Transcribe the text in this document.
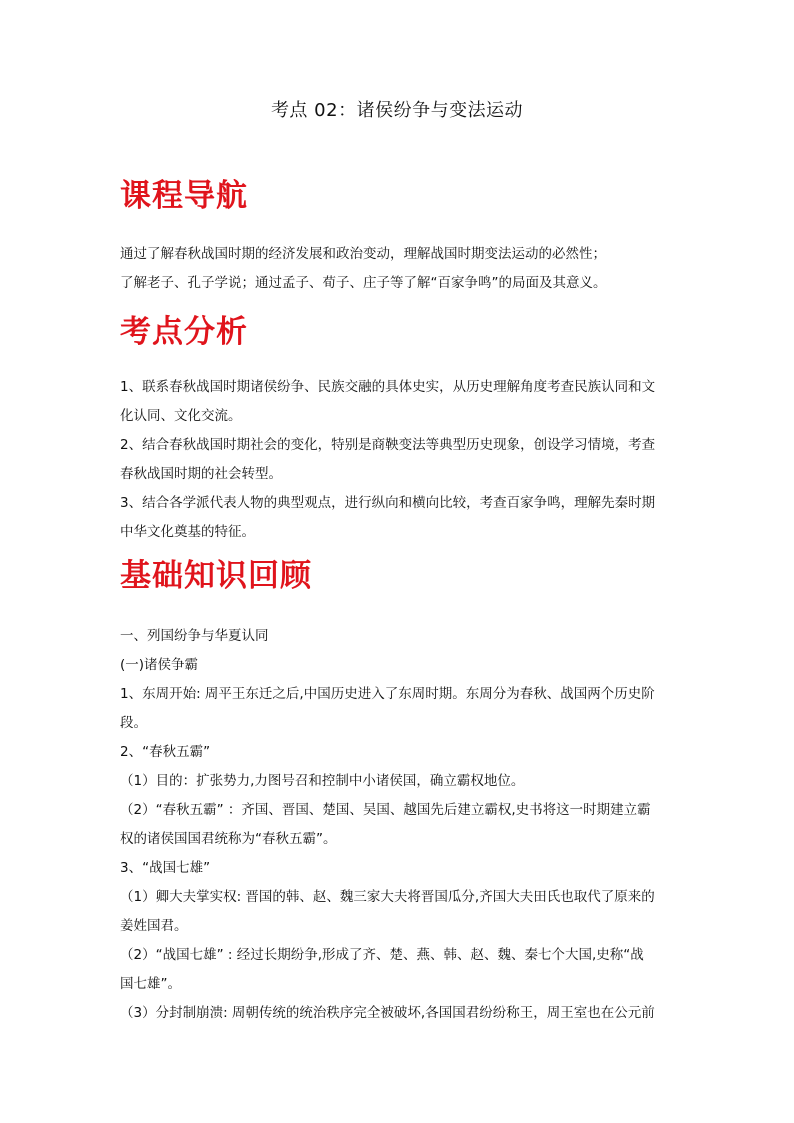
考点 02：诸侯纷争与变法运动
课程导航

通过了解春秋战国时期的经济发展和政治变动，理解战国时期变法运动的必然性；

了解老子、孔子学说；通过孟子、荀子、庄子等了解“百家争鸣”的局面及其意义。

考点分析

1、联系春秋战国时期诸侯纷争、民族交融的具体史实，从历史理解角度考查民族认同和文

化认同、文化交流。

2、结合春秋战国时期社会的变化，特别是商鞅变法等典型历史现象，创设学习情境，考查

春秋战国时期的社会转型。

3、结合各学派代表人物的典型观点，进行纵向和横向比较，考查百家争鸣，理解先秦时期

中华文化奠基的特征。

基础知识回顾

一、列国纷争与华夏认同

(一)诸侯争霸

1、东周开始: 周平王东迁之后,中国历史进入了东周时期。东周分为春秋、战国两个历史阶

段。

2、“春秋五霸”

（1）目的：扩张势力,力图号召和控制中小诸侯国，确立霸权地位。

（2）“春秋五霸” ：齐国、晋国、楚国、吴国、越国先后建立霸权,史书将这一时期建立霸

权的诸侯国国君统称为“春秋五霸”。

3、“战国七雄”

（1）卿大夫掌实权: 晋国的韩、赵、魏三家大夫将晋国瓜分,齐国大夫田氏也取代了原来的

姜姓国君。

（2）“战国七雄” : 经过长期纷争,形成了齐、楚、燕、韩、赵、魏、秦七个大国,史称“战

国七雄”。

（3）分封制崩溃: 周朝传统的统治秩序完全被破坏,各国国君纷纷称王，周王室也在公元前
